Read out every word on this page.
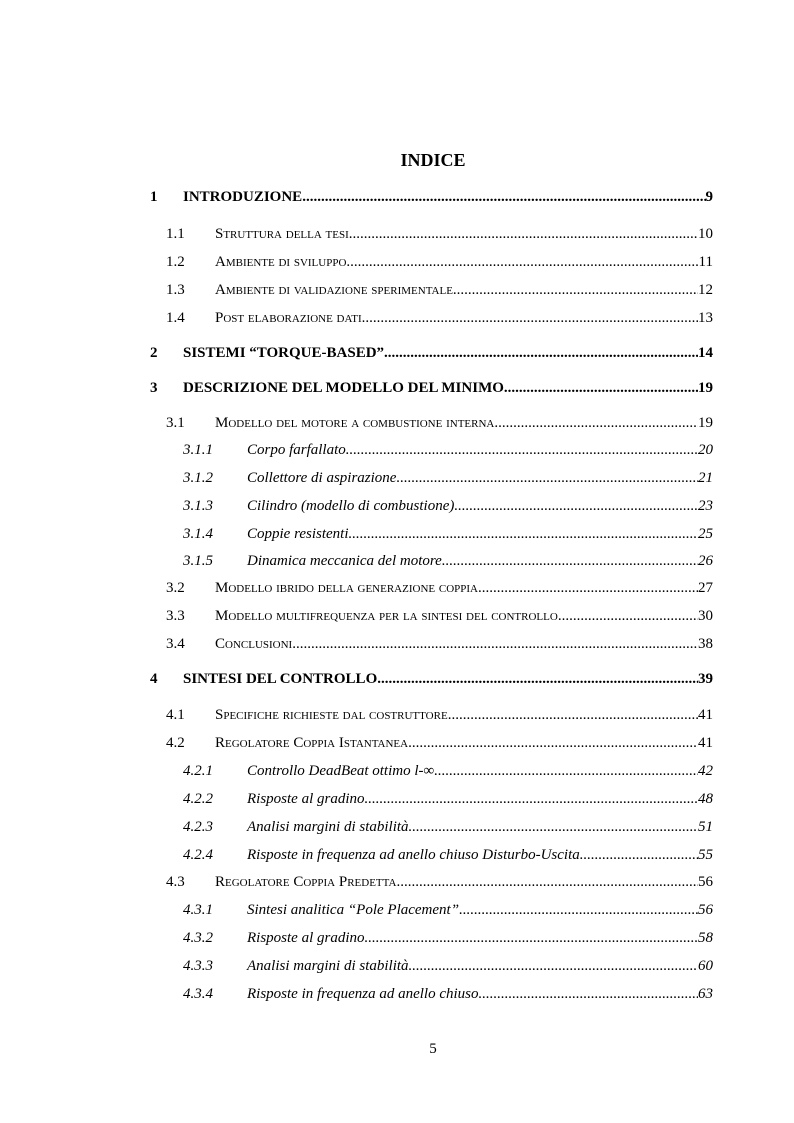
INDICE
1	INTRODUZIONE .....	9
1.1	Struttura della tesi .....	10
1.2	Ambiente di sviluppo .....	11
1.3	Ambiente di validazione sperimentale .....	12
1.4	Post elaborazione dati .....	13
2	SISTEMI “TORQUE-BASED” .....	14
3	DESCRIZIONE DEL MODELLO DEL MINIMO .....	19
3.1	Modello del motore a combustione interna .....	19
3.1.1	Corpo farfallato .....	20
3.1.2	Collettore di aspirazione .....	21
3.1.3	Cilindro (modello di combustione) .....	23
3.1.4	Coppie resistenti .....	25
3.1.5	Dinamica meccanica del motore .....	26
3.2	Modello ibrido della generazione coppia .....	27
3.3	Modello multifrequenza per la sintesi del controllo .....	30
3.4	Conclusioni .....	38
4	SINTESI DEL CONTROLLO .....	39
4.1	Specifiche richieste dal costruttore .....	41
4.2	Regolatore Coppia Istantanea .....	41
4.2.1	Controllo DeadBeat ottimo l-∞ .....	42
4.2.2	Risposte al gradino .....	48
4.2.3	Analisi margini di stabilità .....	51
4.2.4	Risposte in frequenza ad anello chiuso Disturbo-Uscita .....	55
4.3	Regolatore Coppia Predetta .....	56
4.3.1	Sintesi analitica “Pole Placement” .....	56
4.3.2	Risposte al gradino .....	58
4.3.3	Analisi margini di stabilità .....	60
4.3.4	Risposte in frequenza ad anello chiuso .....	63
5
